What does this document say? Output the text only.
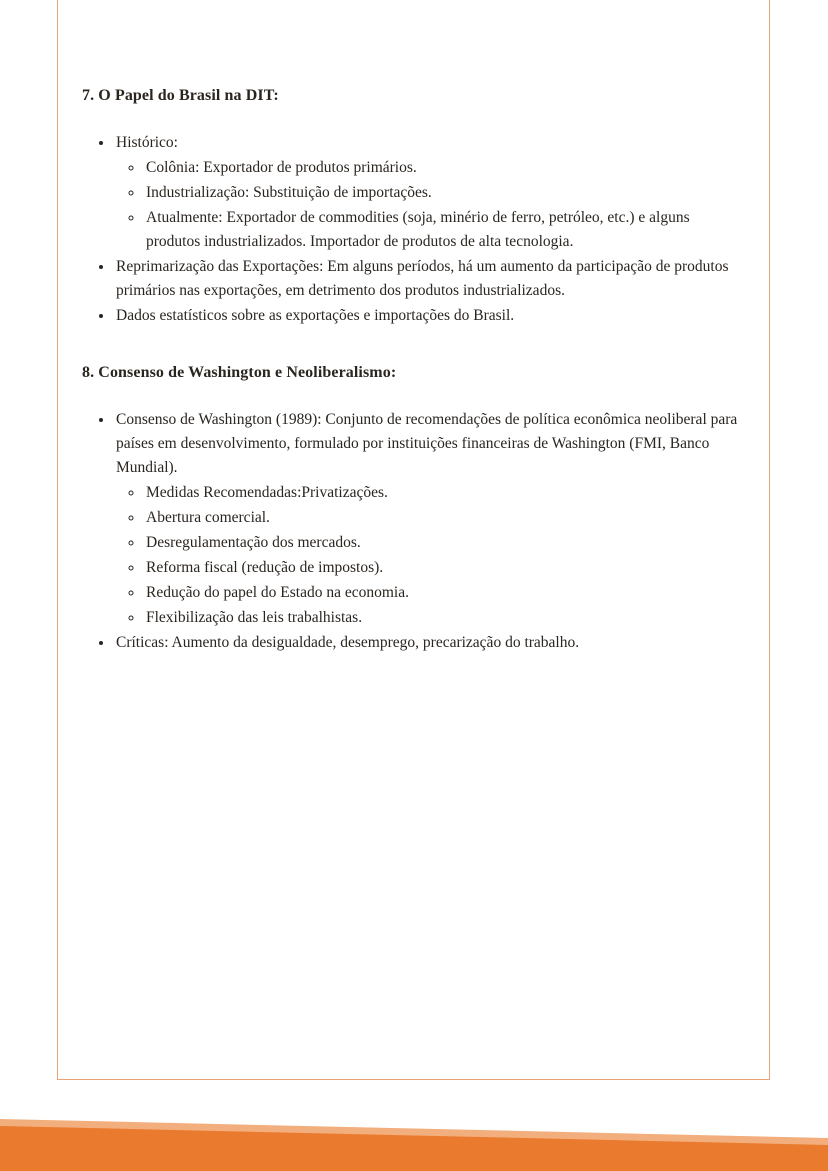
7. O Papel do Brasil na DIT:
• Histórico:
◦ Colônia: Exportador de produtos primários.
◦ Industrialização: Substituição de importações.
◦ Atualmente: Exportador de commodities (soja, minério de ferro, petróleo, etc.) e alguns produtos industrializados. Importador de produtos de alta tecnologia.
• Reprimarização das Exportações: Em alguns períodos, há um aumento da participação de produtos primários nas exportações, em detrimento dos produtos industrializados.
• Dados estatísticos sobre as exportações e importações do Brasil.
8. Consenso de Washington e Neoliberalismo:
• Consenso de Washington (1989): Conjunto de recomendações de política econômica neoliberal para países em desenvolvimento, formulado por instituições financeiras de Washington (FMI, Banco Mundial).
◦ Medidas Recomendadas:Privatizações.
◦ Abertura comercial.
◦ Desregulamentação dos mercados.
◦ Reforma fiscal (redução de impostos).
◦ Redução do papel do Estado na economia.
◦ Flexibilização das leis trabalhistas.
• Críticas: Aumento da desigualdade, desemprego, precarização do trabalho.
